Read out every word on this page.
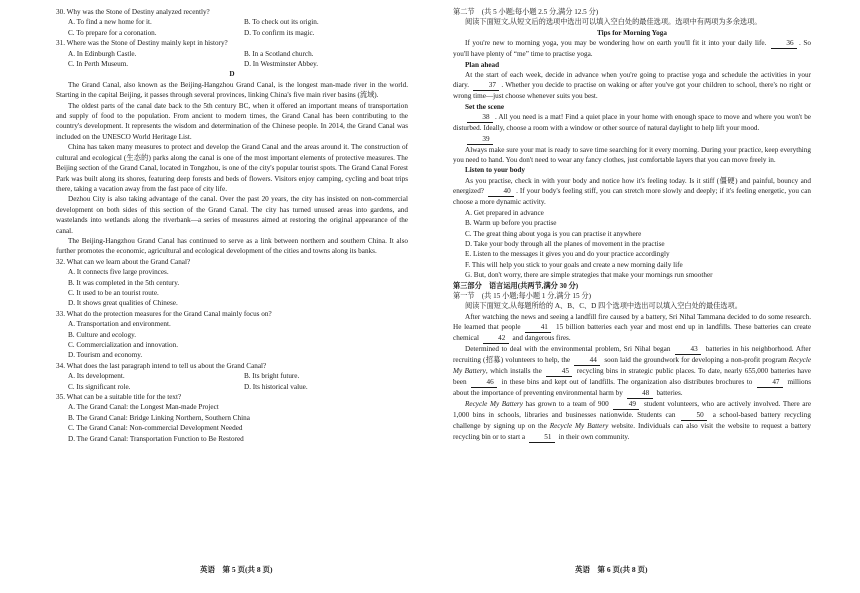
30. Why was the Stone of Destiny analyzed recently?

A. To find a new home for it.	B. To check out its origin.
C. To prepare for a coronation.	D. To confirm its magic.

31. Where was the Stone of Destiny mainly kept in history?

A. In Edinburgh Castle.	B. In a Scotland church.
C. In Perth Museum.	D. In Westminster Abbey.

D

The Grand Canal, also known as the Beijing-Hangzhou Grand Canal, is the longest man-made river in the world. Starting in the capital Beijing, it passes through several provinces, linking China's five main river basins (流域).

The oldest parts of the canal date back to the 5th century BC, when it offered an important means of transportation and supply of food to the population. From ancient to modern times, the Grand Canal has been contributing to the country's development. It represents the wisdom and determination of the Chinese people. In 2014, the Grand Canal was included on the UNESCO World Heritage List.

China has taken many measures to protect and develop the Grand Canal and the areas around it. The construction of cultural and ecological (生态的) parks along the canal is one of the most important elements of protective measures. The Beijing section of the Grand Canal, located in Tongzhou, is one of the city's popular tourist spots. The Grand Canal Forest Park was built along its shores, featuring deep forests and beds of flowers. Visitors enjoy camping, cycling and boat trips there, taking a vacation away from the fast pace of city life.

Dezhou City is also taking advantage of the canal. Over the past 20 years, the city has insisted on non-commercial development on both sides of this section of the Grand Canal. The city has turned unused areas into gardens, and wastelands into wetlands along the riverbank—a series of measures aimed at restoring the original appearance of the canal.

The Beijing-Hangzhou Grand Canal has continued to serve as a link between northern and southern China. It also further promotes the economic, agricultural and ecological development of the cities and towns along its banks.

32. What can we learn about the Grand Canal?

A. It connects five large provinces.

B. It was completed in the 5th century.

C. It used to be an tourist route.

D. It shows great qualities of Chinese.

33. What do the protection measures for the Grand Canal mainly focus on?

A. Transportation and environment.

B. Culture and ecology.

C. Commercialization and innovation.

D. Tourism and economy.

34. What does the last paragraph intend to tell us about the Grand Canal?

A. Its development.	B. Its bright future.
C. Its significant role.	D. Its historical value.

35. What can be a suitable title for the text?

A. The Grand Canal: the Longest Man-made Project

B. The Grand Canal: Bridge Linking Northern, Southern China

C. The Grand Canal: Non-commercial Development Needed

D. The Grand Canal: Transportation Function to Be Restored

第二节　(共 5 小题;每小题 2.5 分,满分 12.5 分)

阅读下面短文,从短文后的选项中选出可以填入空白处的最佳选项。选项中有两项为多余选项。

Tips for Morning Yoga

If you're new to morning yoga, you may be wondering how on earth you'll fit it into your daily life.	36 . So you'll have plenty of “me” time to practise yoga.

Plan ahead

At the start of each week, decide in advance when you're going to practise yoga and schedule the activities in your diary.	37 . Whether you decide to practise on waking or after you've got your children to school, there's no right or wrong time—just choose whenever suits you best.

Set the scene

38 . All you need is a mat! Find a quiet place in your home with enough space to move and where you won't be disturbed. Ideally, choose a room with a window or other source of natural daylight to help lift your mood.

39

Always make sure your mat is ready to save time searching for it every morning. During your practice, keep everything you need to hand. You don't need to wear any fancy clothes, just comfortable layers that you can move freely in.

Listen to your body

As you practise, check in with your body and notice how it's feeling today. Is it stiff (僵硬) and painful, bouncy and energized?	40 . If your body's feeling stiff, you can stretch more slowly and deeply; if it's feeling energetic, you can choose a more dynamic activity.

A. Get prepared in advance

B. Warm up before you practise

C. The great thing about yoga is you can practise it anywhere

D. Take your body through all the planes of movement in the practise

E. Listen to the messages it gives you and do your practice accordingly

F. This will help you stick to your goals and create a new morning daily life

G. But, don't worry, there are simple strategies that make your mornings run smoother

第三部分　语言运用(共两节,满分 30 分)

第一节　(共 15 小题;每小题 1 分,满分 15 分)

阅读下面短文,从每题所给的 A、B、C、D 四个选项中选出可以填入空白处的最佳选项。

After watching the news and seeing a landfill fire caused by a battery, Sri Nihal Tammana decided to do some research. He learned that people	41 15 billion batteries each year and most end up in landfills. These batteries can create chemical	42 and dangerous fires.

Determined to deal with the environmental problem, Sri Nihal began	43 batteries in his neighborhood. After recruiting (招募) volunteers to help, the	44 soon laid the groundwork for developing a non-profit program Recycle My Battery, which installs the	45 recycling bins in strategic public places. To date, nearly 655,000 batteries have been	46 in these bins and kept out of landfills. The organization also distributes brochures to	47 millions about the importance of preventing environmental harm by	48 batteries.

Recycle My Battery has grown to a team of 900	49 student volunteers, who are actively involved. There are 1,000 bins in schools, libraries and businesses nationwide. Students can	50 a school-based battery recycling challenge by signing up on the Recycle My Battery website. Individuals can also visit the website to request a battery recycling bin or to start a	51 in their own community.

英语　第 5 页(共 8 页)	英语　第 6 页(共 8 页)
